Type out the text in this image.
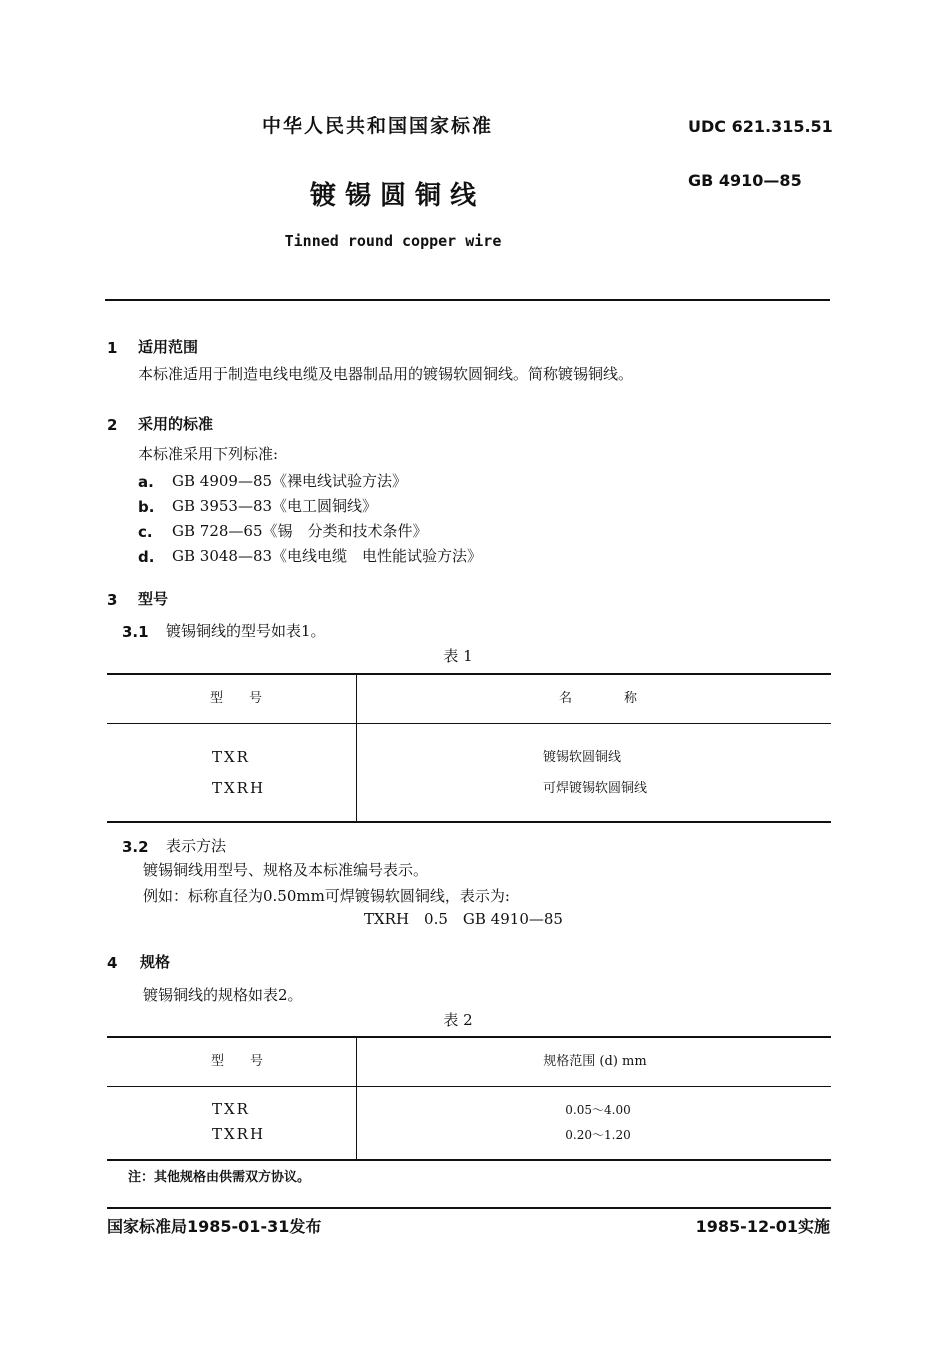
中华人民共和国国家标准	UDC 621.315.51
GB 4910—85
镀 锡 圆 铜 线
Tinned round copper wire
1 适用范围
本标准适用于制造电线电缆及电器制品用的镀锡软圆铜线。简称镀锡铜线。
2 采用的标准
本标准采用下列标准:
a. GB 4909—85《裸电线试验方法》
b. GB 3953—83《电工圆铜线》
c. GB 728—65《锡　分类和技术条件》
d. GB 3048—83《电线电缆　电性能试验方法》
3 型号
3.1 镀锡铜线的型号如表1。
表 1
型　　号	名　　　　称
TXR	镀锡软圆铜线
TXRH	可焊镀锡软圆铜线
3.2 表示方法
镀锡铜线用型号、规格及本标准编号表示。
例如：标称直径为0.50mm可焊镀锡软圆铜线，表示为:
TXRH　0.5　GB 4910—85
4 规格
镀锡铜线的规格如表2。
表 2
型　　号	规格范围 (d) mm
TXR	0.05～4.00
TXRH	0.20～1.20
注：其他规格由供需双方协议。
国家标准局1985-01-31发布	1985-12-01实施
